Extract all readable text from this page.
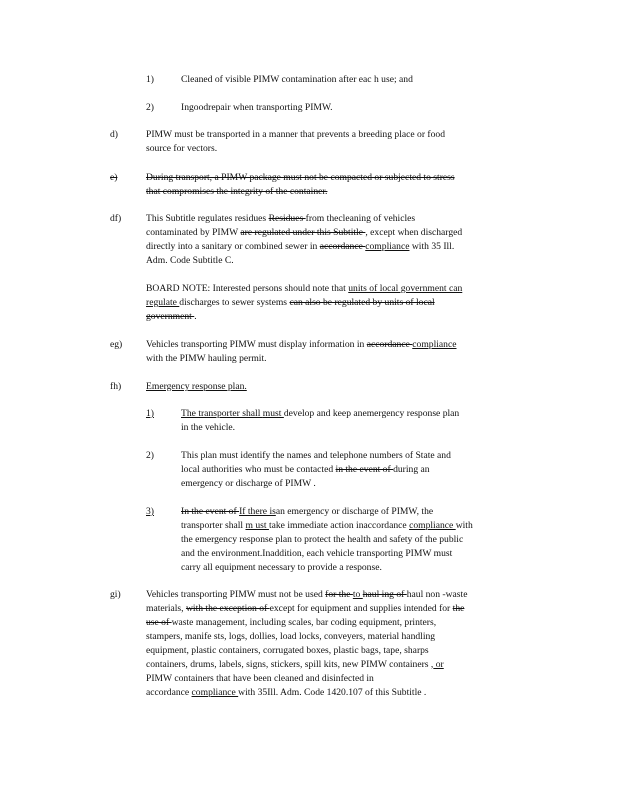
1)	Cleaned of visible PIMW contamination after eac h use; and
2)	Ingoodrepair when transporting PIMW.
d)	PIMW must be transported in a manner that prevents a breeding place or food
source for vectors.
e)	During transport, a PIMW package must not be compacted or subjected to stress
that compromises the integrity of the container.
df)	This Subtitle regulates residues Residues from thecleaning of vehicles
contaminated by PIMW are regulated under this Subtitle , except when discharged
directly into a sanitary or combined sewer in accordance compliance with 35 Ill.
Adm. Code Subtitle C.
BOARD NOTE: Interested persons should note that units of local government can
regulate discharges to sewer systems can also be regulated by units of local
government .
eg) Vehicles transporting PIMW must display information in accordance compliance
with the PIMW hauling permit.
fh)	Emergency response plan.
1)	The transporter shall must develop and keep anemergency response plan
in the vehicle.
2)	This plan must identify the names and telephone numbers of State and
local authorities who must be contacted in the event of during an
emergency or discharge of PIMW .
3)	In the event of If there isan emergency or discharge of PIMW, the
transporter shall m ust take immediate action inaccordance compliance with
the emergency response plan to protect the health and safety of the public
and the environment.Inaddition, each vehicle transporting PIMW must
carry all equipment necessary to provide a response.
gi)	Vehicles transporting PIMW must not be used for the to haul ing of haul non -waste
materials, with the exception of except for equipment and supplies intended for the
use of waste management, including scales, bar coding equipment, printers,
stampers, manife sts, logs, dollies, load locks, conveyers, material handling
equipment, plastic containers, corrugated boxes, plastic bags, tape, sharps
containers, drums, labels, signs, stickers, spill kits, new PIMW containers , or
PIMW containers that have been cleaned and disinfected in
accordance compliance with 35Ill. Adm. Code 1420.107 of this Subtitle .
